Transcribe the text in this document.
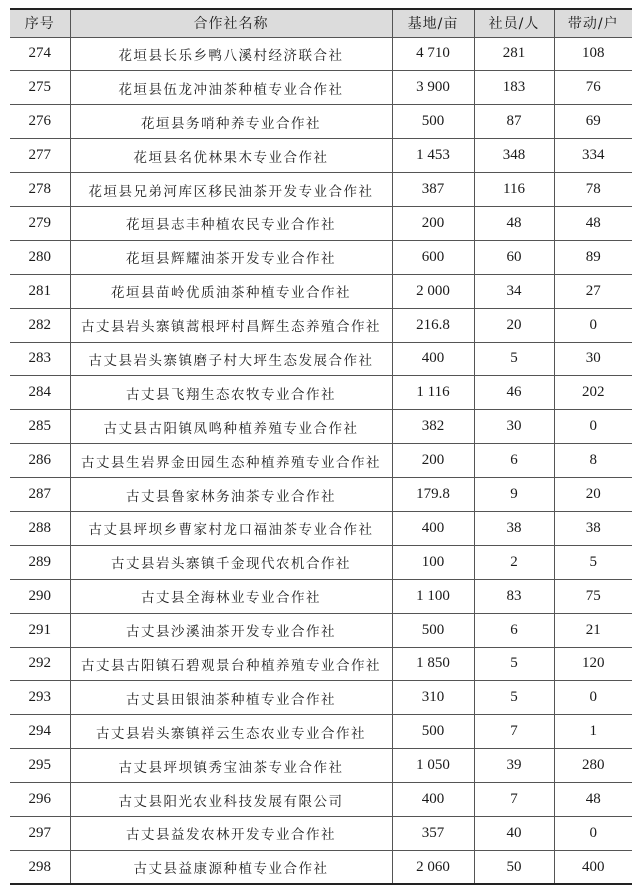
序号	合作社名称	基地/亩	社员/人	带动/户
274	花垣县长乐乡鸭八溪村经济联合社	4 710	281	108
275	花垣县伍龙冲油茶种植专业合作社	3 900	183	76
276	花垣县务哨种养专业合作社	500	87	69
277	花垣县名优林果木专业合作社	1 453	348	334
278	花垣县兄弟河库区移民油茶开发专业合作社	387	116	78
279	花垣县志丰种植农民专业合作社	200	48	48
280	花垣县辉耀油茶开发专业合作社	600	60	89
281	花垣县苗岭优质油茶种植专业合作社	2 000	34	27
282	古丈县岩头寨镇蒿根坪村昌辉生态养殖合作社	216.8	20	0
283	古丈县岩头寨镇磨子村大坪生态发展合作社	400	5	30
284	古丈县飞翔生态农牧专业合作社	1 116	46	202
285	古丈县古阳镇凤鸣种植养殖专业合作社	382	30	0
286	古丈县生岩界金田园生态种植养殖专业合作社	200	6	8
287	古丈县鲁家林务油茶专业合作社	179.8	9	20
288	古丈县坪坝乡曹家村龙口福油茶专业合作社	400	38	38
289	古丈县岩头寨镇千金现代农机合作社	100	2	5
290	古丈县全海林业专业合作社	1 100	83	75
291	古丈县沙溪油茶开发专业合作社	500	6	21
292	古丈县古阳镇石碧观景台种植养殖专业合作社	1 850	5	120
293	古丈县田银油茶种植专业合作社	310	5	0
294	古丈县岩头寨镇祥云生态农业专业合作社	500	7	1
295	古丈县坪坝镇秀宝油茶专业合作社	1 050	39	280
296	古丈县阳光农业科技发展有限公司	400	7	48
297	古丈县益发农林开发专业合作社	357	40	0
298	古丈县益康源种植专业合作社	2 060	50	400
